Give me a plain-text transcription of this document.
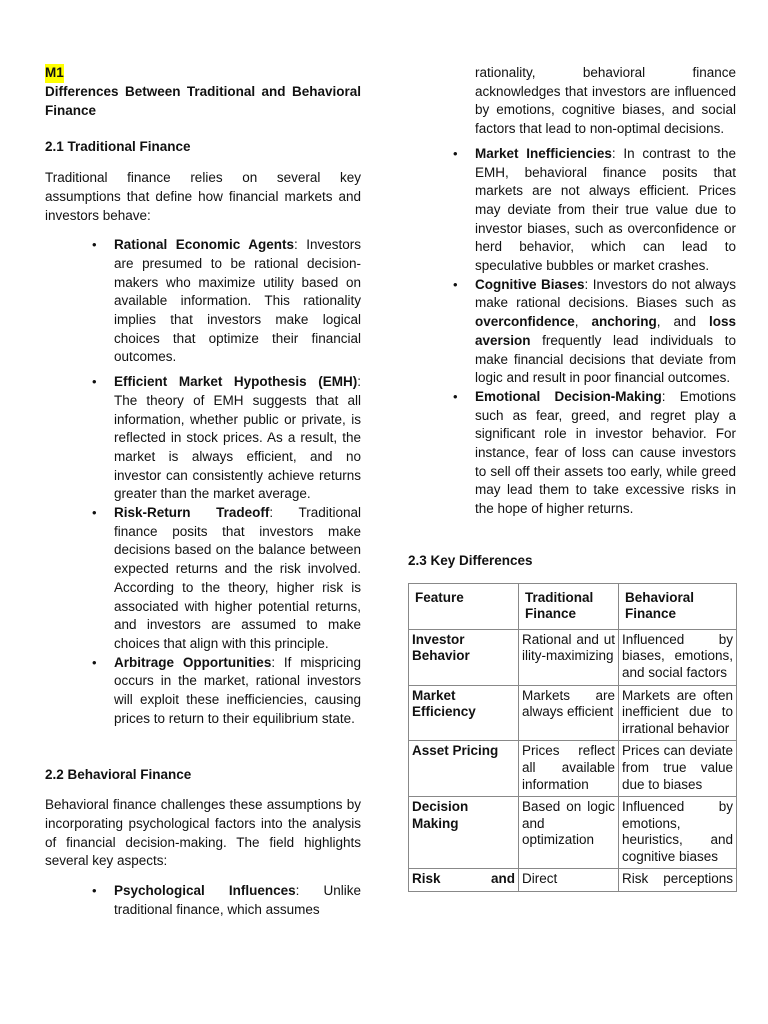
M1

Differences Between Traditional and Behavioral Finance

2.1 Traditional Finance

Traditional finance relies on several key assumptions that define how financial markets and investors behave:

• Rational Economic Agents: Investors are presumed to be rational decision-makers who maximize utility based on available information. This rationality implies that investors make logical choices that optimize their financial outcomes.
• Efficient Market Hypothesis (EMH): The theory of EMH suggests that all information, whether public or private, is reflected in stock prices. As a result, the market is always efficient, and no investor can consistently achieve returns greater than the market average.
• Risk-Return Tradeoff: Traditional finance posits that investors make decisions based on the balance between expected returns and the risk involved. According to the theory, higher risk is associated with higher potential returns, and investors are assumed to make choices that align with this principle.
• Arbitrage Opportunities: If mispricing occurs in the market, rational investors will exploit these inefficiencies, causing prices to return to their equilibrium state.
2.2 Behavioral Finance

Behavioral finance challenges these assumptions by incorporating psychological factors into the analysis of financial decision-making. The field highlights several key aspects:

• Psychological Influences: Unlike traditional finance, which assumes
rationality, behavioral finance acknowledges that investors are influenced by emotions, cognitive biases, and social factors that lead to non-optimal decisions.
• Market Inefficiencies: In contrast to the EMH, behavioral finance posits that markets are not always efficient. Prices may deviate from their true value due to investor biases, such as overconfidence or herd behavior, which can lead to speculative bubbles or market crashes.
• Cognitive Biases: Investors do not always make rational decisions. Biases such as overconfidence, anchoring, and loss aversion frequently lead individuals to make financial decisions that deviate from logic and result in poor financial outcomes.
• Emotional Decision-Making: Emotions such as fear, greed, and regret play a significant role in investor behavior. For instance, fear of loss can cause investors to sell off their assets too early, while greed may lead them to take excessive risks in the hope of higher returns.
2.3 Key Differences
Feature	Traditional Finance	Behavioral Finance
Investor Behavior	Rational and utility-maximizing	Influenced by biases, emotions, and social factors
Market Efficiency	Markets are always efficient	Markets are often inefficient due to irrational behavior
Asset Pricing	Prices reflect all available information	Prices can deviate from true value due to biases
Decision Making	Based on logic and optimization	Influenced by emotions, heuristics, and cognitive biases
Risk and	Direct	Risk perceptions
